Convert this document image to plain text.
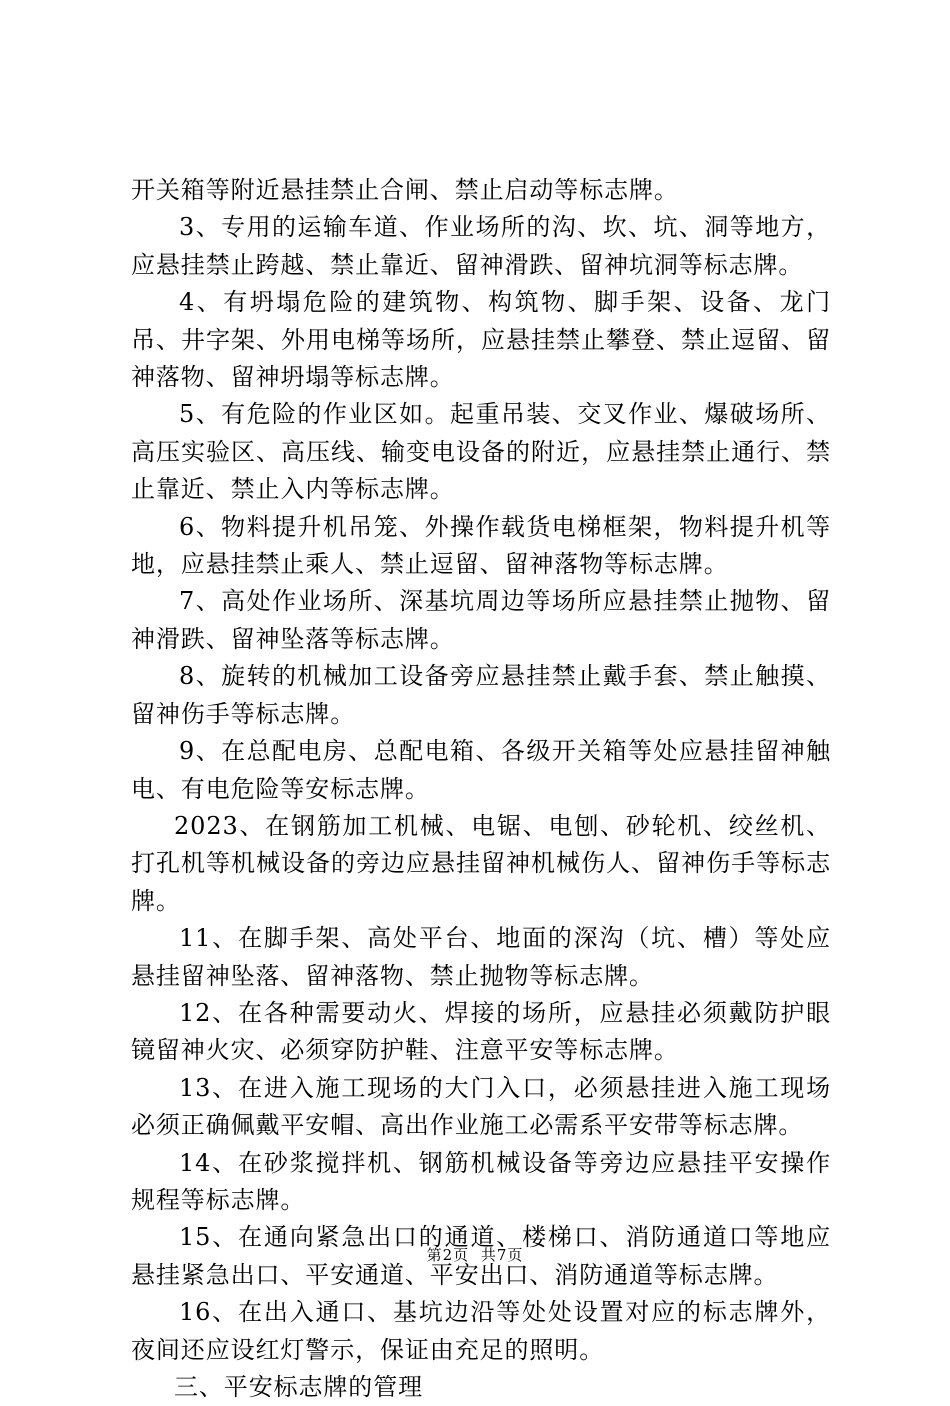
开关箱等附近悬挂禁止合闸、禁止启动等标志牌。

3、专用的运输车道、作业场所的沟、坎、坑、洞等地方，应悬挂禁止跨越、禁止靠近、留神滑跌、留神坑洞等标志牌。

4、有坍塌危险的建筑物、构筑物、脚手架、设备、龙门吊、井字架、外用电梯等场所，应悬挂禁止攀登、禁止逗留、留神落物、留神坍塌等标志牌。

5、有危险的作业区如。起重吊装、交叉作业、爆破场所、高压实验区、高压线、输变电设备的附近，应悬挂禁止通行、禁止靠近、禁止入内等标志牌。

6、物料提升机吊笼、外操作载货电梯框架，物料提升机等地，应悬挂禁止乘人、禁止逗留、留神落物等标志牌。

7、高处作业场所、深基坑周边等场所应悬挂禁止抛物、留神滑跌、留神坠落等标志牌。

8、旋转的机械加工设备旁应悬挂禁止戴手套、禁止触摸、留神伤手等标志牌。

9、在总配电房、总配电箱、各级开关箱等处应悬挂留神触电、有电危险等安标志牌。

2023、在钢筋加工机械、电锯、电刨、砂轮机、绞丝机、打孔机等机械设备的旁边应悬挂留神机械伤人、留神伤手等标志牌。

11、在脚手架、高处平台、地面的深沟（坑、槽）等处应悬挂留神坠落、留神落物、禁止抛物等标志牌。

12、在各种需要动火、焊接的场所，应悬挂必须戴防护眼镜留神火灾、必须穿防护鞋、注意平安等标志牌。

13、在进入施工现场的大门入口，必须悬挂进入施工现场必须正确佩戴平安帽、高出作业施工必需系平安带等标志牌。

14、在砂浆搅拌机、钢筋机械设备等旁边应悬挂平安操作规程等标志牌。

15、在通向紧急出口的通道、楼梯口、消防通道口等地应悬挂紧急出口、平安通道、平安出口、消防通道等标志牌。

16、在出入通口、基坑边沿等处处设置对应的标志牌外，夜间还应设红灯警示，保证由充足的照明。

三、平安标志牌的管理

第2页 共7页
